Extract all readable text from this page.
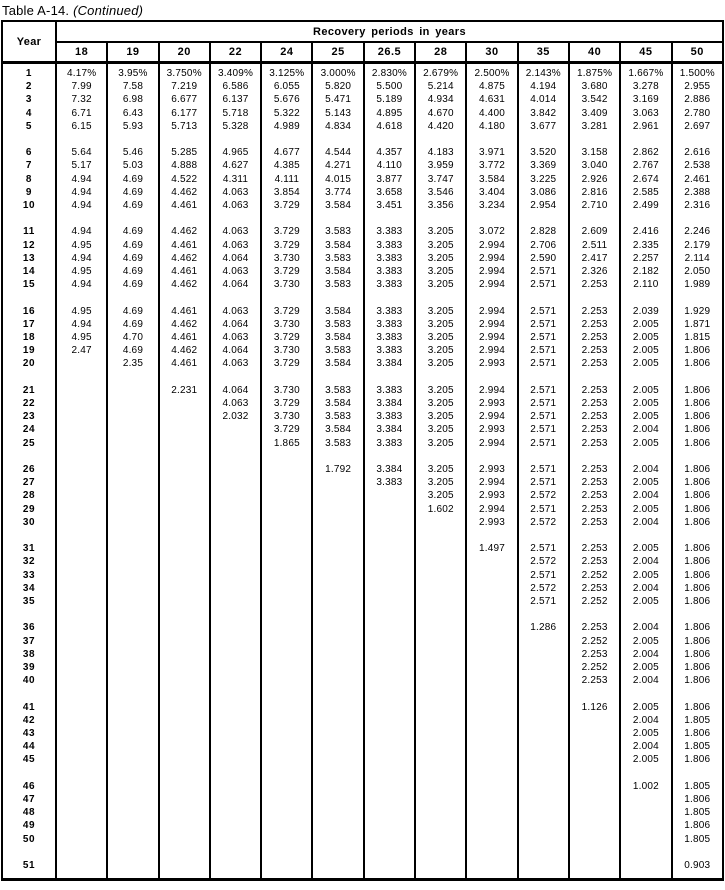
Table A-14. (Continued)
Year	Recovery periods in years												
	18	19	20	22	24	25	26.5	28	30	35	40	45	50

1	4.17%	3.95%	3.750%	3.409%	3.125%	3.000%	2.830%	2.679%	2.500%	2.143%	1.875%	1.667%	1.500%
2	7.99	7.58	7.219	6.586	6.055	5.820	5.500	5.214	4.875	4.194	3.680	3.278	2.955
3	7.32	6.98	6.677	6.137	5.676	5.471	5.189	4.934	4.631	4.014	3.542	3.169	2.886
4	6.71	6.43	6.177	5.718	5.322	5.143	4.895	4.670	4.400	3.842	3.409	3.063	2.780
5	6.15	5.93	5.713	5.328	4.989	4.834	4.618	4.420	4.180	3.677	3.281	2.961	2.697

6	5.64	5.46	5.285	4.965	4.677	4.544	4.357	4.183	3.971	3.520	3.158	2.862	2.616
7	5.17	5.03	4.888	4.627	4.385	4.271	4.110	3.959	3.772	3.369	3.040	2.767	2.538
8	4.94	4.69	4.522	4.311	4.111	4.015	3.877	3.747	3.584	3.225	2.926	2.674	2.461
9	4.94	4.69	4.462	4.063	3.854	3.774	3.658	3.546	3.404	3.086	2.816	2.585	2.388
10	4.94	4.69	4.461	4.063	3.729	3.584	3.451	3.356	3.234	2.954	2.710	2.499	2.316

11	4.94	4.69	4.462	4.063	3.729	3.583	3.383	3.205	3.072	2.828	2.609	2.416	2.246
12	4.95	4.69	4.461	4.063	3.729	3.584	3.383	3.205	2.994	2.706	2.511	2.335	2.179
13	4.94	4.69	4.462	4.064	3.730	3.583	3.383	3.205	2.994	2.590	2.417	2.257	2.114
14	4.95	4.69	4.461	4.063	3.729	3.584	3.383	3.205	2.994	2.571	2.326	2.182	2.050
15	4.94	4.69	4.462	4.064	3.730	3.583	3.383	3.205	2.994	2.571	2.253	2.110	1.989

16	4.95	4.69	4.461	4.063	3.729	3.584	3.383	3.205	2.994	2.571	2.253	2.039	1.929
17	4.94	4.69	4.462	4.064	3.730	3.583	3.383	3.205	2.994	2.571	2.253	2.005	1.871
18	4.95	4.70	4.461	4.063	3.729	3.584	3.383	3.205	2.994	2.571	2.253	2.005	1.815
19	2.47	4.69	4.462	4.064	3.730	3.583	3.383	3.205	2.994	2.571	2.253	2.005	1.806
20		2.35	4.461	4.063	3.729	3.584	3.384	3.205	2.993	2.571	2.253	2.005	1.806

21			2.231	4.064	3.730	3.583	3.383	3.205	2.994	2.571	2.253	2.005	1.806
22				4.063	3.729	3.584	3.384	3.205	2.993	2.571	2.253	2.005	1.806
23				2.032	3.730	3.583	3.383	3.205	2.994	2.571	2.253	2.005	1.806
24					3.729	3.584	3.384	3.205	2.993	2.571	2.253	2.004	1.806
25					1.865	3.583	3.383	3.205	2.994	2.571	2.253	2.005	1.806

26						1.792	3.384	3.205	2.993	2.571	2.253	2.004	1.806
27							3.383	3.205	2.994	2.571	2.253	2.005	1.806
28								3.205	2.993	2.572	2.253	2.004	1.806
29								1.602	2.994	2.571	2.253	2.005	1.806
30									2.993	2.572	2.253	2.004	1.806

31									1.497	2.571	2.253	2.005	1.806
32										2.572	2.253	2.004	1.806
33										2.571	2.252	2.005	1.806
34										2.572	2.253	2.004	1.806
35										2.571	2.252	2.005	1.806

36										1.286	2.253	2.004	1.806
37											2.252	2.005	1.806
38											2.253	2.004	1.806
39											2.252	2.005	1.806
40											2.253	2.004	1.806

41											1.126	2.005	1.806
42												2.004	1.805
43												2.005	1.806
44												2.004	1.805
45												2.005	1.806

46												1.002	1.805
47													1.806
48													1.805
49													1.806
50													1.805

51													0.903
